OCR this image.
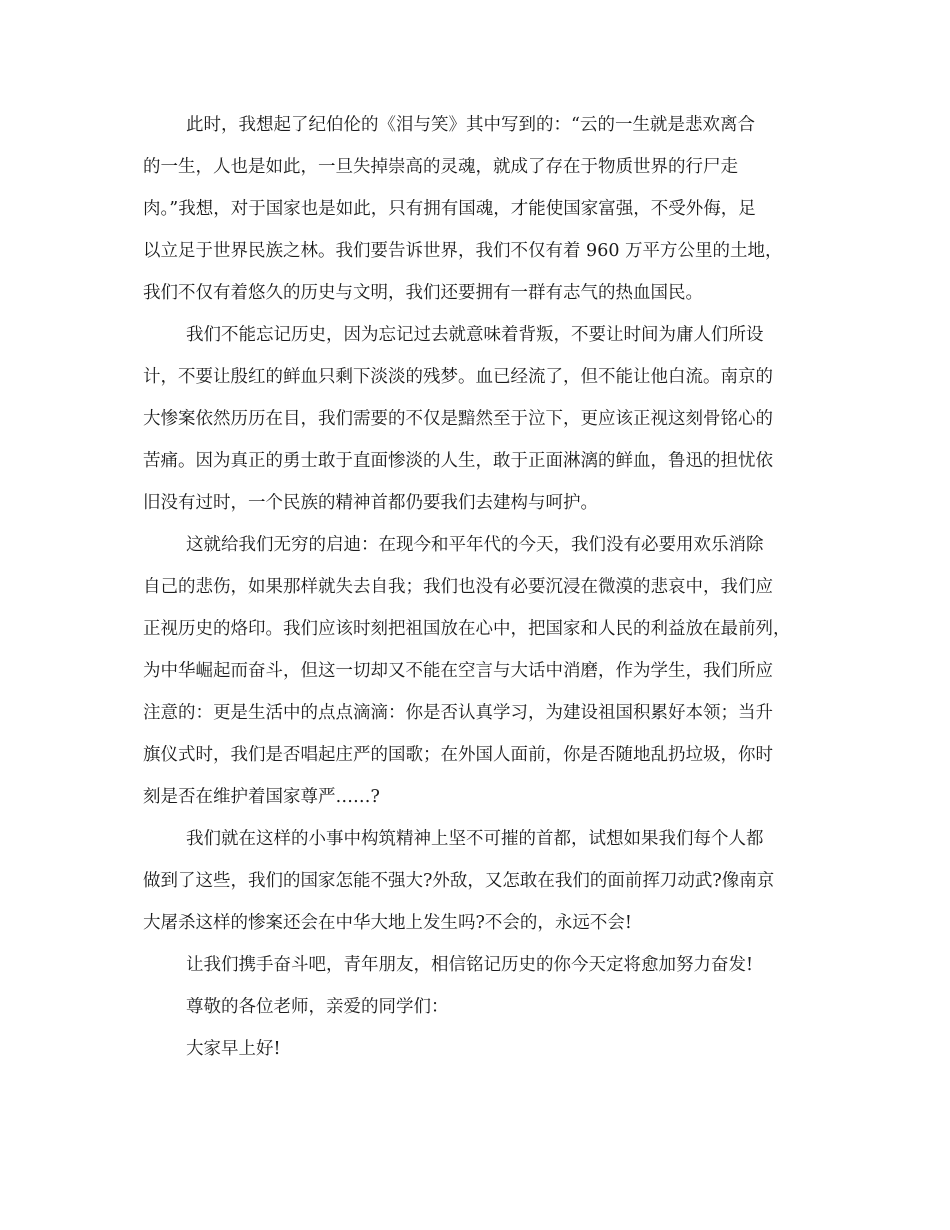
此时，我想起了纪伯伦的《泪与笑》其中写到的：“云的一生就是悲欢离合
的一生，人也是如此，一旦失掉崇高的灵魂，就成了存在于物质世界的行尸走
肉。”我想，对于国家也是如此，只有拥有国魂，才能使国家富强，不受外侮，足
以立足于世界民族之林。我们要告诉世界，我们不仅有着 960 万平方公里的土地，
我们不仅有着悠久的历史与文明，我们还要拥有一群有志气的热血国民。
我们不能忘记历史，因为忘记过去就意味着背叛，不要让时间为庸人们所设
计，不要让殷红的鲜血只剩下淡淡的残梦。血已经流了，但不能让他白流。南京的
大惨案依然历历在目，我们需要的不仅是黯然至于泣下，更应该正视这刻骨铭心的
苦痛。因为真正的勇士敢于直面惨淡的人生，敢于正面淋漓的鲜血，鲁迅的担忧依
旧没有过时，一个民族的精神首都仍要我们去建构与呵护。
这就给我们无穷的启迪：在现今和平年代的今天，我们没有必要用欢乐消除
自己的悲伤，如果那样就失去自我；我们也没有必要沉浸在微漠的悲哀中，我们应
正视历史的烙印。我们应该时刻把祖国放在心中，把国家和人民的利益放在最前列，
为中华崛起而奋斗，但这一切却又不能在空言与大话中消磨，作为学生，我们所应
注意的：更是生活中的点点滴滴：你是否认真学习，为建设祖国积累好本领；当升
旗仪式时，我们是否唱起庄严的国歌；在外国人面前，你是否随地乱扔垃圾，你时
刻是否在维护着国家尊严……?
我们就在这样的小事中构筑精神上坚不可摧的首都，试想如果我们每个人都
做到了这些，我们的国家怎能不强大?外敌，又怎敢在我们的面前挥刀动武?像南京
大屠杀这样的惨案还会在中华大地上发生吗?不会的，永远不会!
让我们携手奋斗吧，青年朋友，相信铭记历史的你今天定将愈加努力奋发!
尊敬的各位老师，亲爱的同学们：
大家早上好!
